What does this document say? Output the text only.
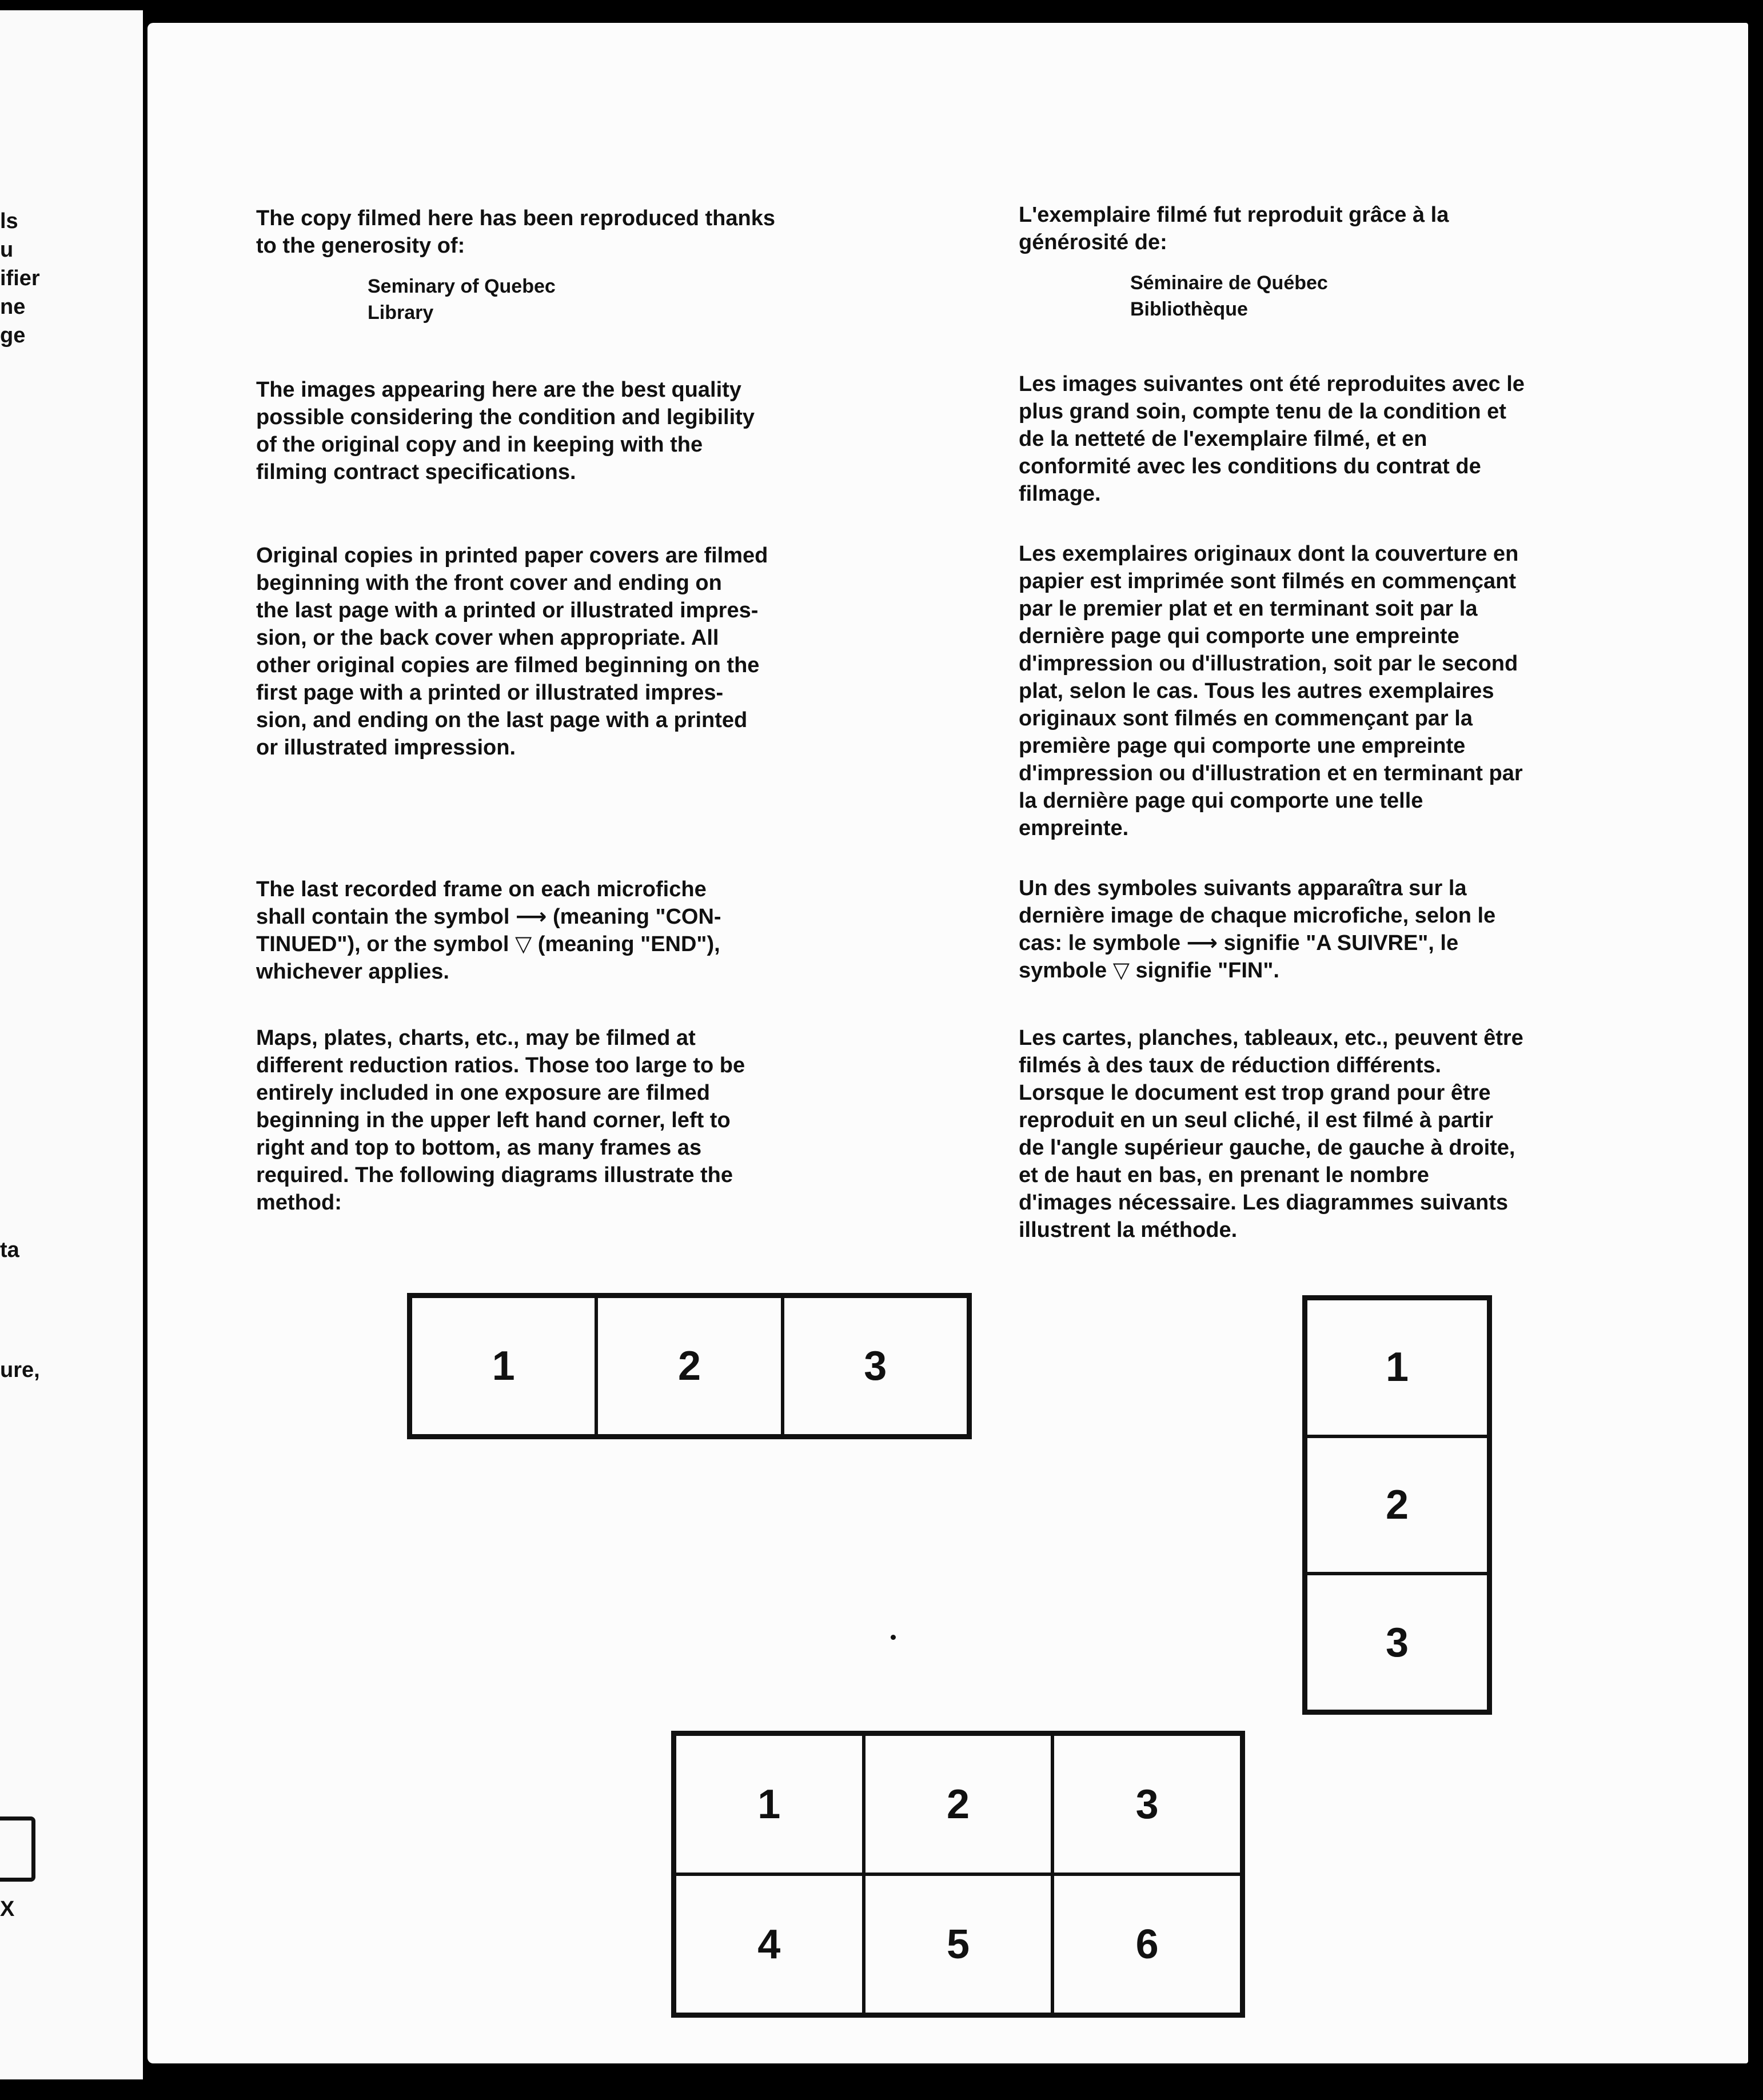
ls
u
ifier
ne
ge
ta
ure,
X

The copy filmed here has been reproduced thanks
to the generosity of:

Seminary of Quebec

Library

The images appearing here are the best quality
possible considering the condition and legibility
of the original copy and in keeping with the
filming contract specifications.

Original copies in printed paper covers are filmed
beginning with the front cover and ending on
the last page with a printed or illustrated impres-
sion, or the back cover when appropriate. All
other original copies are filmed beginning on the
first page with a printed or illustrated impres-
sion, and ending on the last page with a printed
or illustrated impression.

The last recorded frame on each microfiche
shall contain the symbol ⟶ (meaning "CON-
TINUED"), or the symbol ▽ (meaning "END"),
whichever applies.

Maps, plates, charts, etc., may be filmed at
different reduction ratios. Those too large to be
entirely included in one exposure are filmed
beginning in the upper left hand corner, left to
right and top to bottom, as many frames as
required. The following diagrams illustrate the
method:

L'exemplaire filmé fut reproduit grâce à la
générosité de:

Séminaire de Québec

Bibliothèque

Les images suivantes ont été reproduites avec le
plus grand soin, compte tenu de la condition et
de la netteté de l'exemplaire filmé, et en
conformité avec les conditions du contrat de
filmage.

Les exemplaires originaux dont la couverture en
papier est imprimée sont filmés en commençant
par le premier plat et en terminant soit par la
dernière page qui comporte une empreinte
d'impression ou d'illustration, soit par le second
plat, selon le cas. Tous les autres exemplaires
originaux sont filmés en commençant par la
première page qui comporte une empreinte
d'impression ou d'illustration et en terminant par
la dernière page qui comporte une telle
empreinte.

Un des symboles suivants apparaîtra sur la
dernière image de chaque microfiche, selon le
cas: le symbole ⟶ signifie "A SUIVRE", le
symbole ▽ signifie "FIN".

Les cartes, planches, tableaux, etc., peuvent être
filmés à des taux de réduction différents.
Lorsque le document est trop grand pour être
reproduit en un seul cliché, il est filmé à partir
de l'angle supérieur gauche, de gauche à droite,
et de haut en bas, en prenant le nombre
d'images nécessaire. Les diagrammes suivants
illustrent la méthode.

1	2	3	1
2
3
1	2	3
4	5	6
